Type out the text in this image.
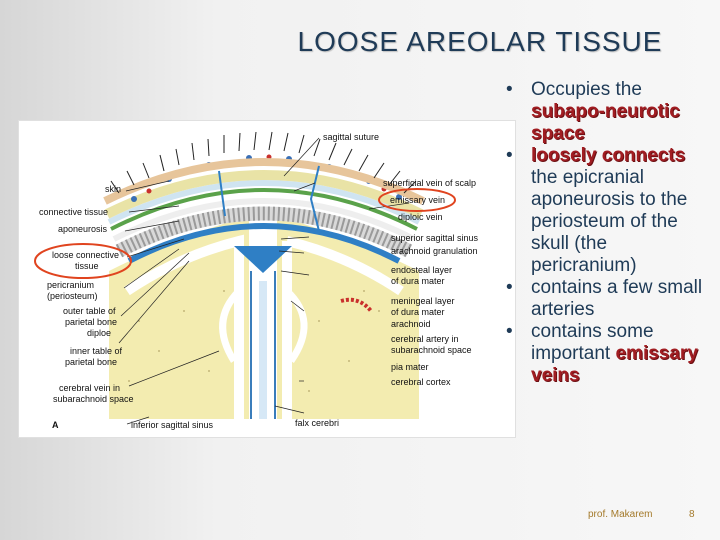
LOOSE AREOLAR TISSUE
sagittal suture
skin
superficial vein of scalp
emissary vein
connective tissue	diploic vein
aponeurosis
superior sagittal sinus
arachnoid granulation
loose connective
tissue	endosteal layer
of dura mater
pericranium
(periosteum)	meningeal layer
of dura mater
outer table of
parietal bone	arachnoid
diploe
cerebral artery in
subarachnoid space
inner table of
parietal bone	pia mater
cerebral cortex
cerebral vein in
subarachnoid space
inferior sagittal sinus	falx cerebri
A
• Occupies the subapo-neurotic space
• loosely connects the epicranial aponeurosis to the periosteum of the skull (the pericranium)
• contains a few small arteries
• contains some important emissary veins
prof. Makarem	8
